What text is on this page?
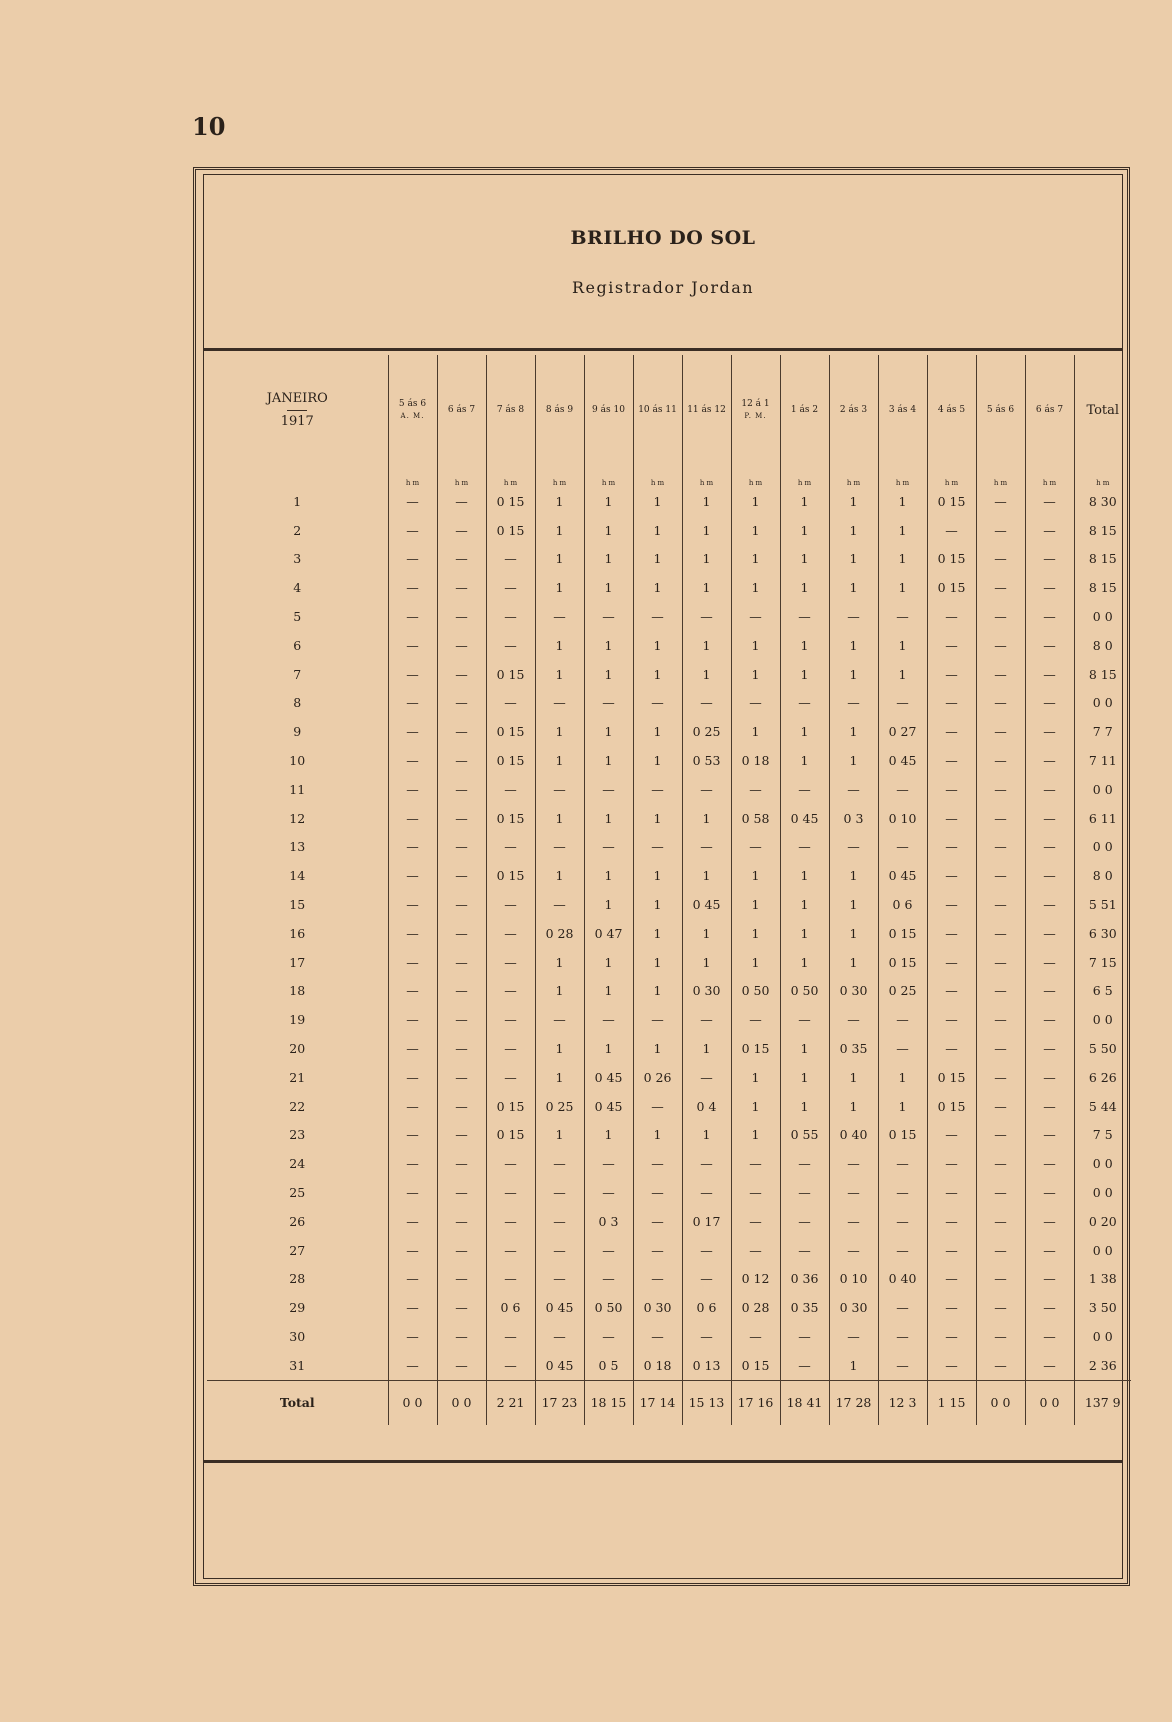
10
BRILHO DO SOL
Registrador Jordan
JANEIRO
1917	5 ás 6
A. M.	6 ás 7	7 ás 8	8 ás 9	9 ás 10	10 ás 11	11 ás 12	12 á 1
P. M.	1 ás 2	2 ás 3	3 ás 4	4 ás 5	5 ás 6	6 ás 7	Total
	h m	h m	h m	h m	h m	h m	h m	h m	h m	h m	h m	h m	h m	h m	h m
1	—	—	0 15	1	1	1	1	1	1	1	1	0 15	—	—	8 30
2	—	—	0 15	1	1	1	1	1	1	1	1	—	—	—	8 15
3	—	—	—	1	1	1	1	1	1	1	1	0 15	—	—	8 15
4	—	—	—	1	1	1	1	1	1	1	1	0 15	—	—	8 15
5	—	—	—	—	—	—	—	—	—	—	—	—	—	—	0 0
6	—	—	—	1	1	1	1	1	1	1	1	—	—	—	8 0
7	—	—	0 15	1	1	1	1	1	1	1	1	—	—	—	8 15
8	—	—	—	—	—	—	—	—	—	—	—	—	—	—	0 0
9	—	—	0 15	1	1	1	0 25	1	1	1	0 27	—	—	—	7 7
10	—	—	0 15	1	1	1	0 53	0 18	1	1	0 45	—	—	—	7 11
11	—	—	—	—	—	—	—	—	—	—	—	—	—	—	0 0
12	—	—	0 15	1	1	1	1	0 58	0 45	0 3	0 10	—	—	—	6 11
13	—	—	—	—	—	—	—	—	—	—	—	—	—	—	0 0
14	—	—	0 15	1	1	1	1	1	1	1	0 45	—	—	—	8 0
15	—	—	—	—	1	1	0 45	1	1	1	0 6	—	—	—	5 51
16	—	—	—	0 28	0 47	1	1	1	1	1	0 15	—	—	—	6 30
17	—	—	—	1	1	1	1	1	1	1	0 15	—	—	—	7 15
18	—	—	—	1	1	1	0 30	0 50	0 50	0 30	0 25	—	—	—	6 5
19	—	—	—	—	—	—	—	—	—	—	—	—	—	—	0 0
20	—	—	—	1	1	1	1	0 15	1	0 35	—	—	—	—	5 50
21	—	—	—	1	0 45	0 26	—	1	1	1	1	0 15	—	—	6 26
22	—	—	0 15	0 25	0 45	—	0 4	1	1	1	1	0 15	—	—	5 44
23	—	—	0 15	1	1	1	1	1	0 55	0 40	0 15	—	—	—	7 5
24	—	—	—	—	—	—	—	—	—	—	—	—	—	—	0 0
25	—	—	—	—	—	—	—	—	—	—	—	—	—	—	0 0
26	—	—	—	—	0 3	—	0 17	—	—	—	—	—	—	—	0 20
27	—	—	—	—	—	—	—	—	—	—	—	—	—	—	0 0
28	—	—	—	—	—	—	—	0 12	0 36	0 10	0 40	—	—	—	1 38
29	—	—	0 6	0 45	0 50	0 30	0 6	0 28	0 35	0 30	—	—	—	—	3 50
30	—	—	—	—	—	—	—	—	—	—	—	—	—	—	0 0
31	—	—	—	0 45	0 5	0 18	0 13	0 15	—	1	—	—	—	—	2 36
Total	0 0	0 0	2 21	17 23	18 15	17 14	15 13	17 16	18 41	17 28	12 3	1 15	0 0	0 0	137 9
